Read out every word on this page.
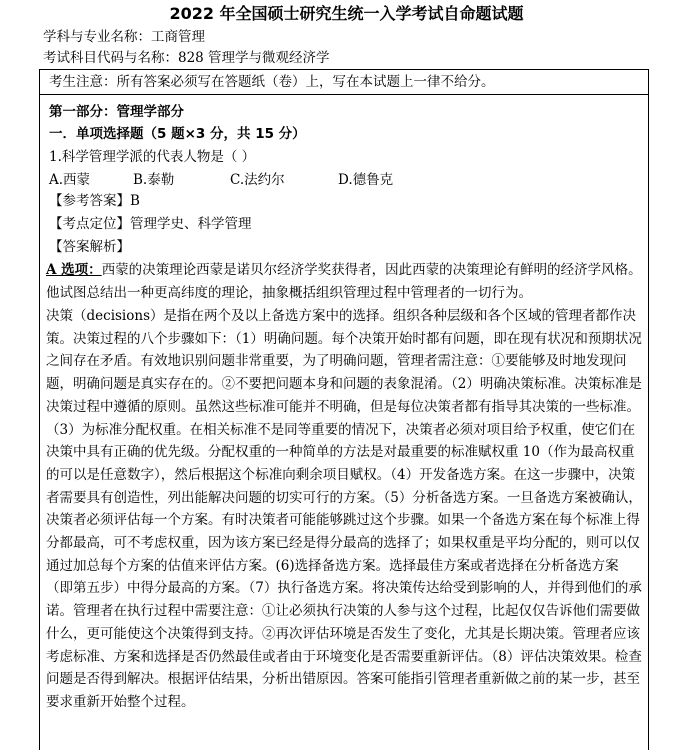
2022 年全国硕士研究生统一入学考试自命题试题
学科与专业名称：工商管理
考试科目代码与名称：828 管理学与微观经济学
考生注意：所有答案必须写在答题纸（卷）上，写在本试题上一律不给分。
第一部分：管理学部分
一．单项选择题（5 题×3 分，共 15 分）
1.科学管理学派的代表人物是（ ）
A.西蒙	B.泰勒	C.法约尔	D.德鲁克
【参考答案】B
【考点定位】管理学史、科学管理
【答案解析】
A 选项：西蒙的决策理论西蒙是诺贝尔经济学奖获得者，因此西蒙的决策理论有鲜明的经济学风格。他试图总结出一种更高纬度的理论，抽象概括组织管理过程中管理者的一切行为。
决策（decisions）是指在两个及以上备选方案中的选择。组织各种层级和各个区域的管理者都作决策。决策过程的八个步骤如下：（1）明确问题。每个决策开始时都有问题，即在现有状况和预期状况之间存在矛盾。有效地识别问题非常重要，为了明确问题，管理者需注意：①要能够及时地发现问题，明确问题是真实存在的。②不要把问题本身和问题的表象混淆。（2）明确决策标准。决策标准是决策过程中遵循的原则。虽然这些标准可能并不明确，但是每位决策者都有指导其决策的一些标准。（3）为标准分配权重。在相关标准不是同等重要的情况下，决策者必须对项目给予权重，使它们在决策中具有正确的优先级。分配权重的一种简单的方法是对最重要的标准赋权重 10（作为最高权重的可以是任意数字），然后根据这个标准向剩余项目赋权。（4）开发备选方案。在这一步骤中，决策者需要具有创造性，列出能解决问题的切实可行的方案。（5）分析备选方案。一旦备选方案被确认，决策者必须评估每一个方案。有时决策者可能能够跳过这个步骤。如果一个备选方案在每个标准上得分都最高，可不考虑权重，因为该方案已经是得分最高的选择了；如果权重是平均分配的，则可以仅通过加总每个方案的估值来评估方案。(6)选择备选方案。选择最佳方案或者选择在分析备选方案（即第五步）中得分最高的方案。（7）执行备选方案。将决策传达给受到影响的人，并得到他们的承诺。管理者在执行过程中需要注意：①让必须执行决策的人参与这个过程，比起仅仅告诉他们需要做什么，更可能使这个决策得到支持。②再次评估环境是否发生了变化，尤其是长期决策。管理者应该考虑标准、方案和选择是否仍然最佳或者由于环境变化是否需要重新评估。（8）评估决策效果。检查问题是否得到解决。根据评估结果，分析出错原因。答案可能指引管理者重新做之前的某一步，甚至要求重新开始整个过程。
